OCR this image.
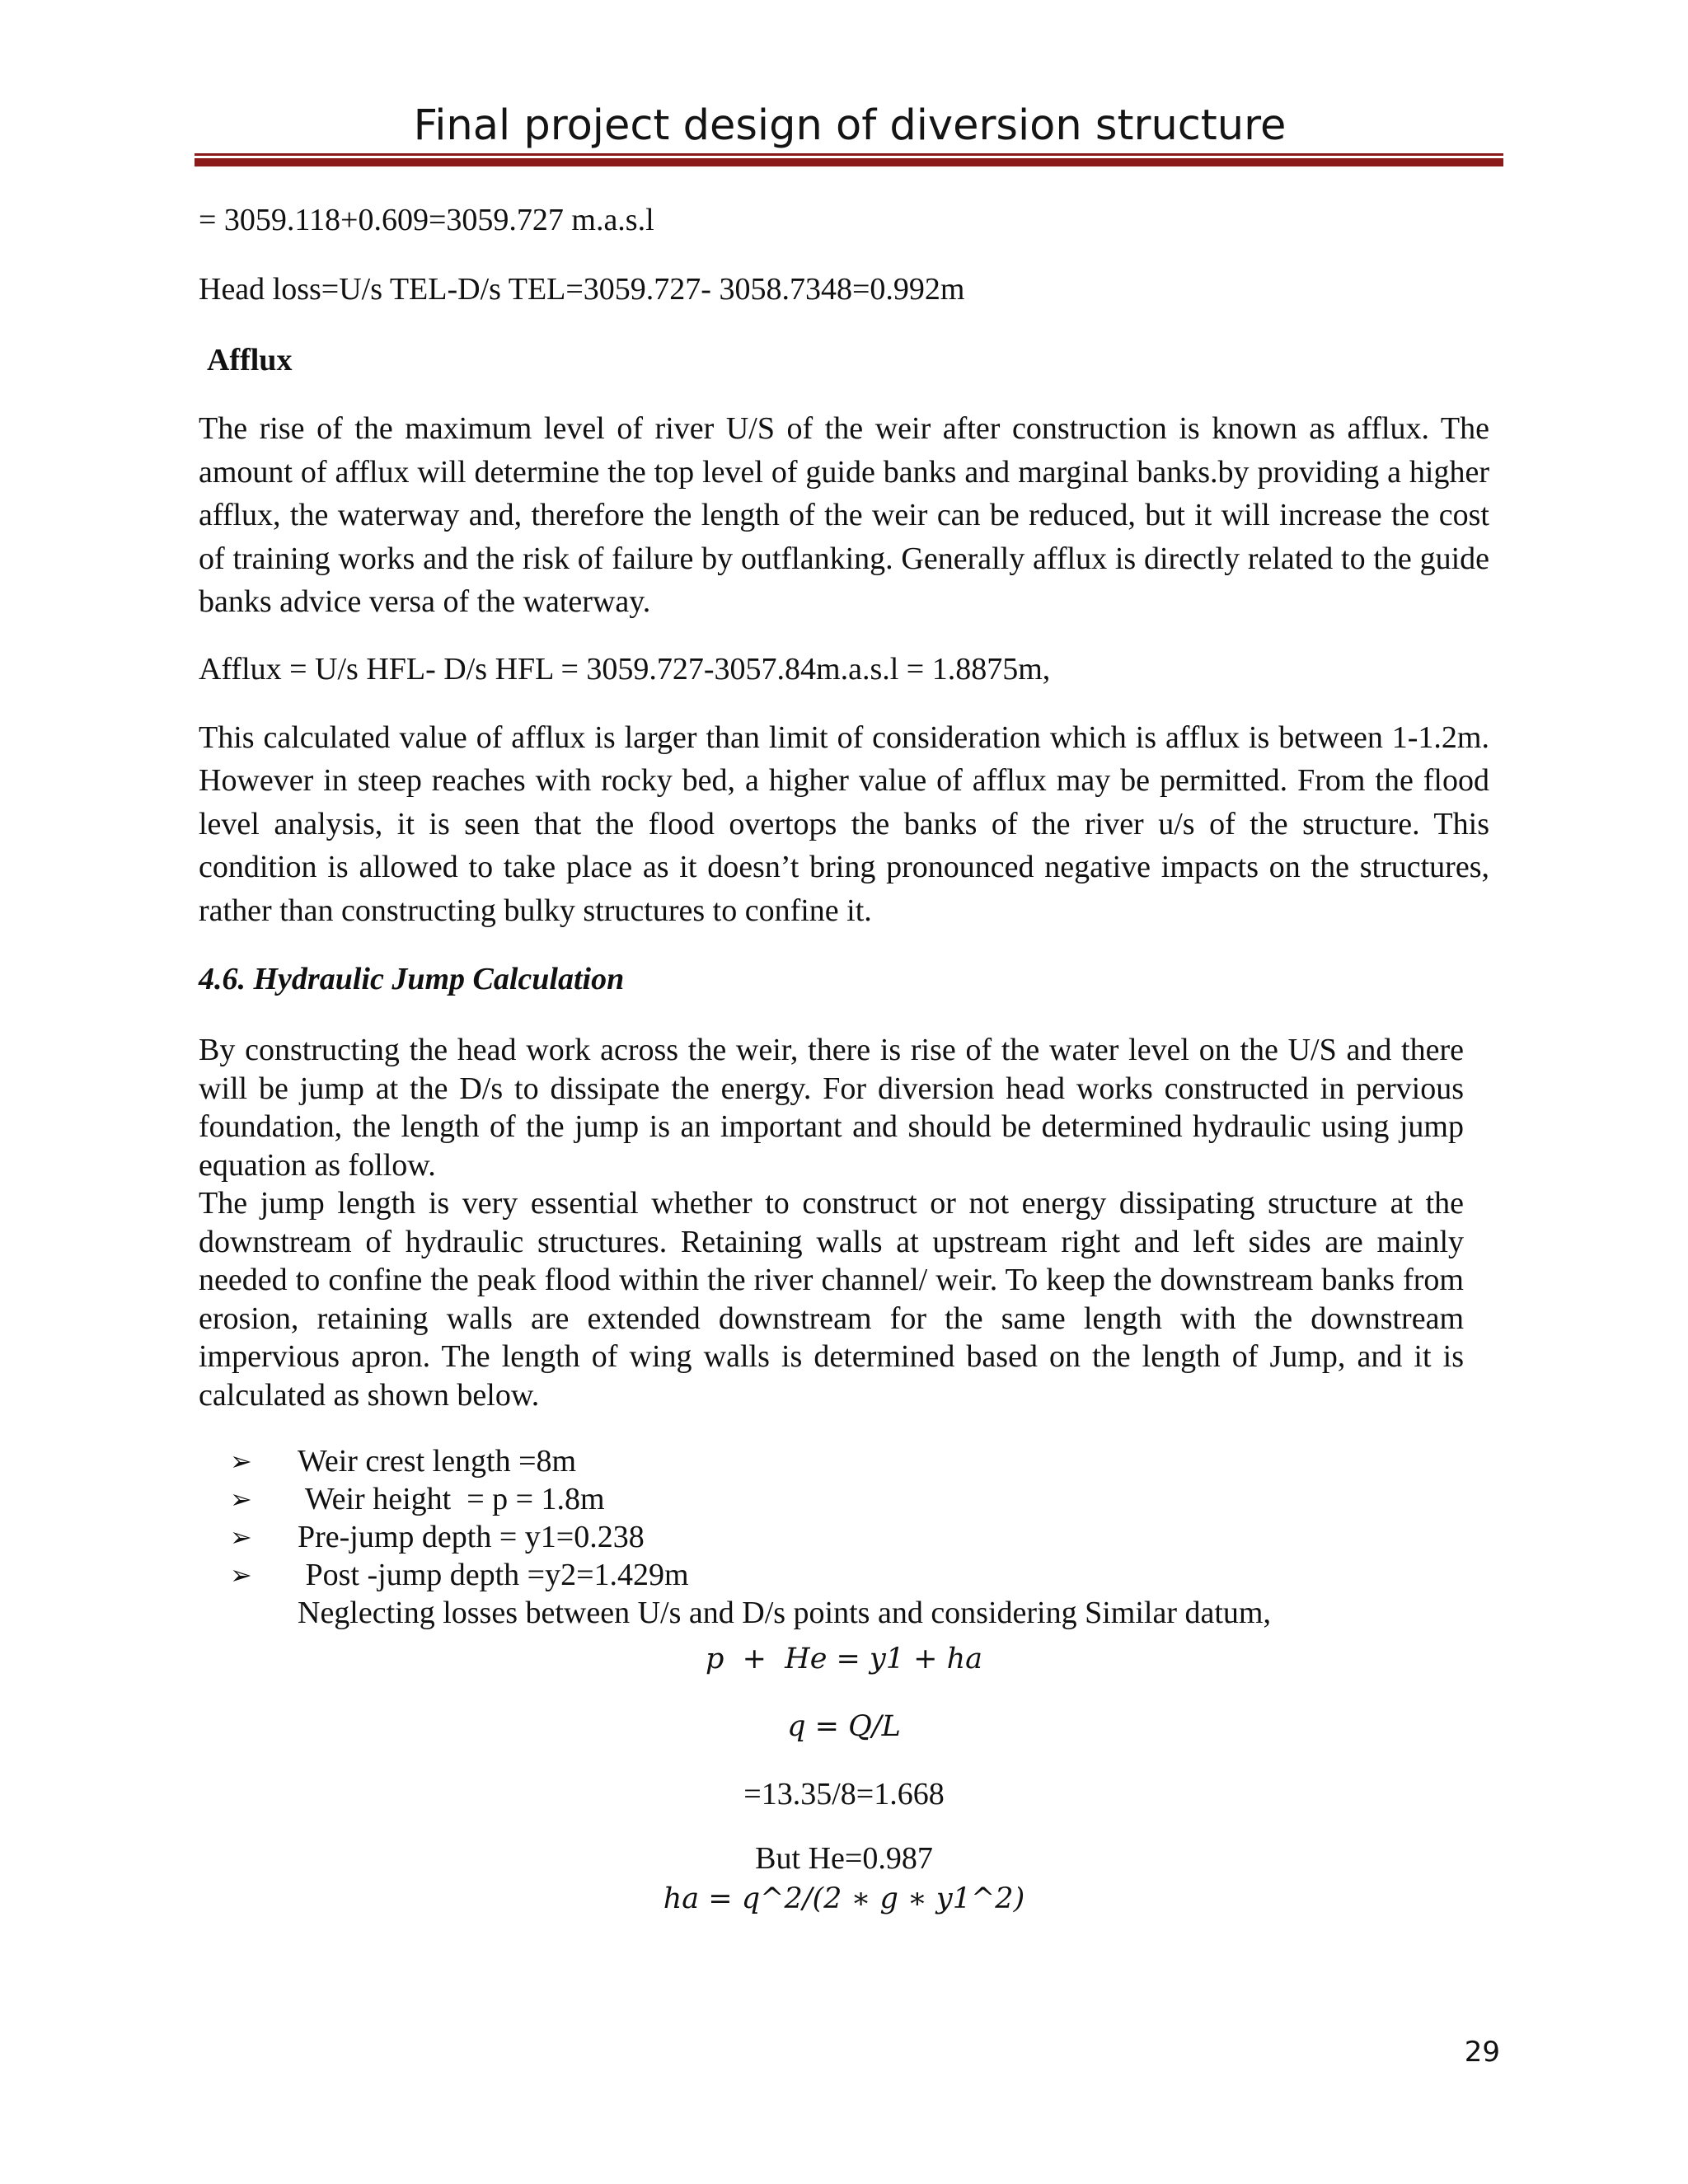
Final project design of diversion structure
= 3059.118+0.609=3059.727 m.a.s.l
Head loss=U/s TEL-D/s TEL=3059.727- 3058.7348=0.992m
Afflux
The rise of the maximum level of river U/S of the weir after construction is known as afflux. The amount of afflux will determine the top level of guide banks and marginal banks.by providing a higher afflux, the waterway and, therefore the length of the weir can be reduced, but it will increase the cost of training works and the risk of failure by outflanking. Generally afflux is directly related to the guide banks advice versa of the waterway.
Afflux = U/s HFL- D/s HFL = 3059.727-3057.84m.a.s.l = 1.8875m,
This calculated value of afflux is larger than limit of consideration which is afflux is between 1-1.2m. However in steep reaches with rocky bed, a higher value of afflux may be permitted. From the flood level analysis, it is seen that the flood overtops the banks of the river u/s of the structure. This condition is allowed to take place as it doesn’t bring pronounced negative impacts on the structures, rather than constructing bulky structures to confine it.
4.6. Hydraulic Jump Calculation
By constructing the head work across the weir, there is rise of the water level on the U/S and there will be jump at the D/s to dissipate the energy. For diversion head works constructed in pervious foundation, the length of the jump is an important and should be determined hydraulic using jump equation as follow.
The jump length is very essential whether to construct or not energy dissipating structure at the downstream of hydraulic structures. Retaining walls at upstream right and left sides are mainly needed to confine the peak flood within the river channel/ weir. To keep the downstream banks from erosion, retaining walls are extended downstream for the same length with the downstream impervious apron. The length of wing walls is determined based on the length of Jump, and it is calculated as shown below.
➢ Weir crest length =8m
➢ Weir height  = p = 1.8m
➢ Pre-jump depth = y1=0.238
➢ Post -jump depth =y2=1.429m
Neglecting losses between U/s and D/s points and considering Similar datum,
p  +  He = y1 + ha
q = Q/L
=13.35/8=1.668
But He=0.987
ha = q^2/(2 ∗ g ∗ y1^2)
29
